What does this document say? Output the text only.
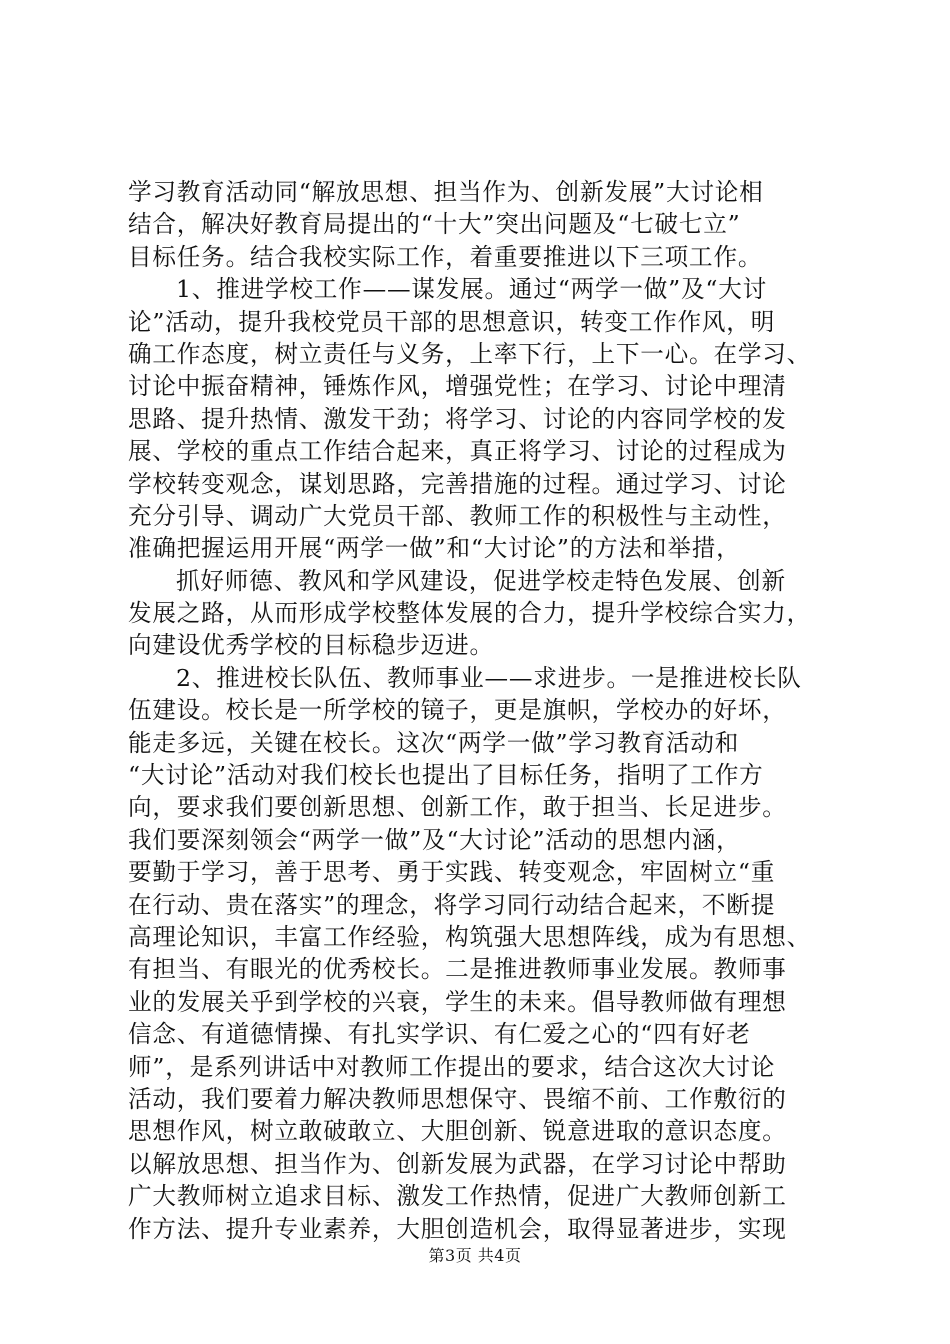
学习教育活动同“解放思想、担当作为、创新发展”大讨论相
结合，解决好教育局提出的“十大”突出问题及“七破七立”
目标任务。结合我校实际工作，着重要推进以下三项工作。
1、推进学校工作——谋发展。通过“两学一做”及“大讨
论”活动，提升我校党员干部的思想意识，转变工作作风，明
确工作态度，树立责任与义务，上率下行，上下一心。在学习、
讨论中振奋精神，锤炼作风，增强党性；在学习、讨论中理清
思路、提升热情、激发干劲；将学习、讨论的内容同学校的发
展、学校的重点工作结合起来，真正将学习、讨论的过程成为
学校转变观念，谋划思路，完善措施的过程。通过学习、讨论
充分引导、调动广大党员干部、教师工作的积极性与主动性，
准确把握运用开展“两学一做”和“大讨论”的方法和举措，
抓好师德、教风和学风建设，促进学校走特色发展、创新
发展之路，从而形成学校整体发展的合力，提升学校综合实力，
向建设优秀学校的目标稳步迈进。
2、推进校长队伍、教师事业——求进步。一是推进校长队
伍建设。校长是一所学校的镜子，更是旗帜，学校办的好坏，
能走多远，关键在校长。这次“两学一做”学习教育活动和
“大讨论”活动对我们校长也提出了目标任务，指明了工作方
向，要求我们要创新思想、创新工作，敢于担当、长足进步。
我们要深刻领会“两学一做”及“大讨论”活动的思想内涵，
要勤于学习，善于思考、勇于实践、转变观念，牢固树立“重
在行动、贵在落实”的理念，将学习同行动结合起来，不断提
高理论知识，丰富工作经验，构筑强大思想阵线，成为有思想、
有担当、有眼光的优秀校长。二是推进教师事业发展。教师事
业的发展关乎到学校的兴衰，学生的未来。倡导教师做有理想
信念、有道德情操、有扎实学识、有仁爱之心的“四有好老
师”，是系列讲话中对教师工作提出的要求，结合这次大讨论
活动，我们要着力解决教师思想保守、畏缩不前、工作敷衍的
思想作风，树立敢破敢立、大胆创新、锐意进取的意识态度。
以解放思想、担当作为、创新发展为武器，在学习讨论中帮助
广大教师树立追求目标、激发工作热情，促进广大教师创新工
作方法、提升专业素养，大胆创造机会，取得显著进步，实现
第3页 共4页
